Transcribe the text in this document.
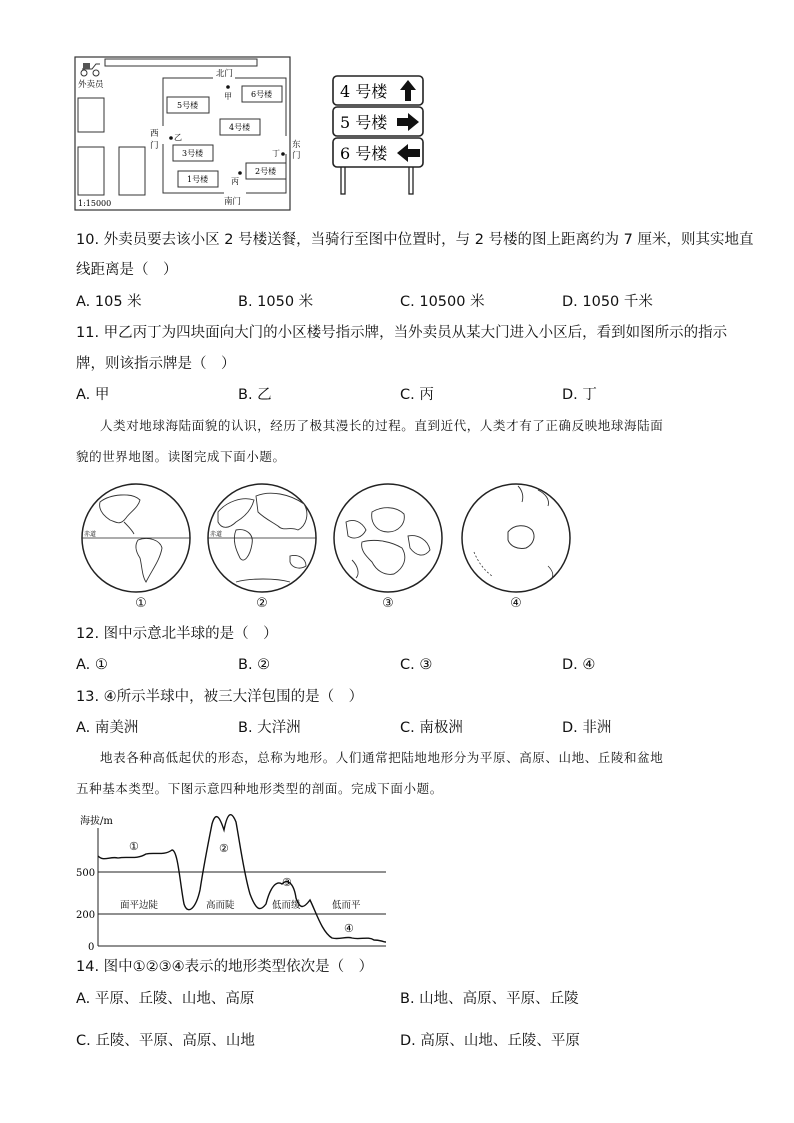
北门
外卖员
5号楼
6号楼
4号楼
3号楼
2号楼
1号楼
甲
乙
丙
丁
西
门
南门
1:15000
东
门
4 号楼
5 号楼
6 号楼
10. 外卖员要去该小区 2 号楼送餐，当骑行至图中位置时，与 2 号楼的图上距离约为 7 厘米，则其实地直
线距离是（　）
A. 105 米	B. 1050 米	C. 10500 米	D. 1050 千米
11. 甲乙丙丁为四块面向大门的小区楼号指示牌，当外卖员从某大门进入小区后，看到如图所示的指示
牌，则该指示牌是（　）
A. 甲	B. 乙	C. 丙	D. 丁
人类对地球海陆面貌的认识，经历了极其漫长的过程。直到近代，人类才有了正确反映地球海陆面
貌的世界地图。读图完成下面小题。
赤道	赤道
①	②	③	④
12. 图中示意北半球的是（　）
A. ①	B. ②	C. ③	D. ④
13. ④所示半球中，被三大洋包围的是（　）
A. 南美洲	B. 大洋洲	C. 南极洲	D. 非洲
地表各种高低起伏的形态，总称为地形。人们通常把陆地地形分为平原、高原、山地、丘陵和盆地
五种基本类型。下图示意四种地形类型的剖面。完成下面小题。
海拔/m
500
200
0
①	②
③
④
面平边陡	高而陡	低而缓	低而平
14. 图中①②③④表示的地形类型依次是（　）
A. 平原、丘陵、山地、高原	B. 山地、高原、平原、丘陵
C. 丘陵、平原、高原、山地	D. 高原、山地、丘陵、平原
